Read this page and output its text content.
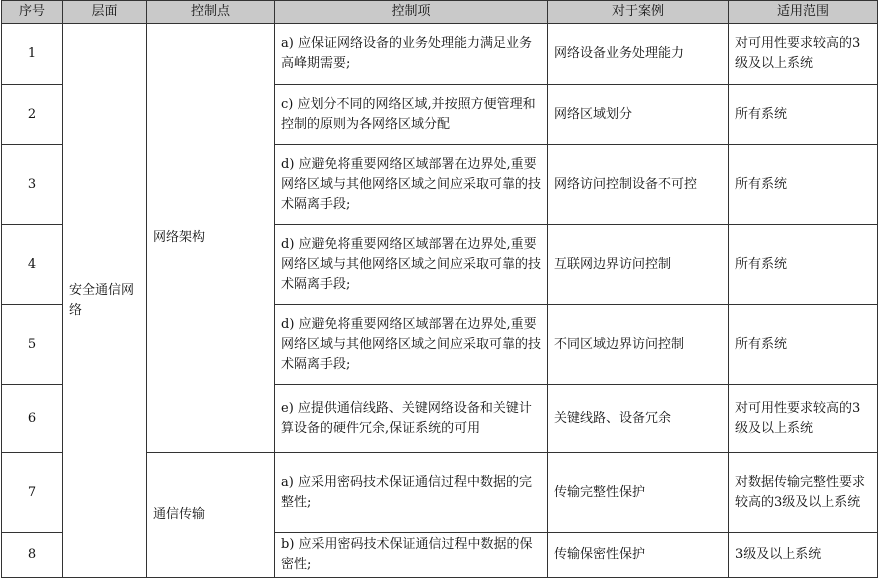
序号	层面	控制点	控制项	对于案例	适用范围
1	安全通信网络	网络架构	a) 应保证网络设备的业务处理能力满足业务高峰期需要;	网络设备业务处理能力	对可用性要求较高的3级及以上系统
2			c) 应划分不同的网络区域,并按照方便管理和控制的原则为各网络区域分配	网络区域划分	所有系统
3			d) 应避免将重要网络区域部署在边界处,重要网络区域与其他网络区域之间应采取可靠的技术隔离手段;	网络访问控制设备不可控	所有系统
4			d) 应避免将重要网络区域部署在边界处,重要网络区域与其他网络区域之间应采取可靠的技术隔离手段;	互联网边界访问控制	所有系统
5			d) 应避免将重要网络区域部署在边界处,重要网络区域与其他网络区域之间应采取可靠的技术隔离手段;	不同区域边界访问控制	所有系统
6			e) 应提供通信线路、关键网络设备和关键计算设备的硬件冗余,保证系统的可用	关键线路、设备冗余	对可用性要求较高的3级及以上系统
7		通信传输	a) 应采用密码技术保证通信过程中数据的完整性;	传输完整性保护	对数据传输完整性要求较高的3级及以上系统
8			b) 应采用密码技术保证通信过程中数据的保密性;	传输保密性保护	3级及以上系统
